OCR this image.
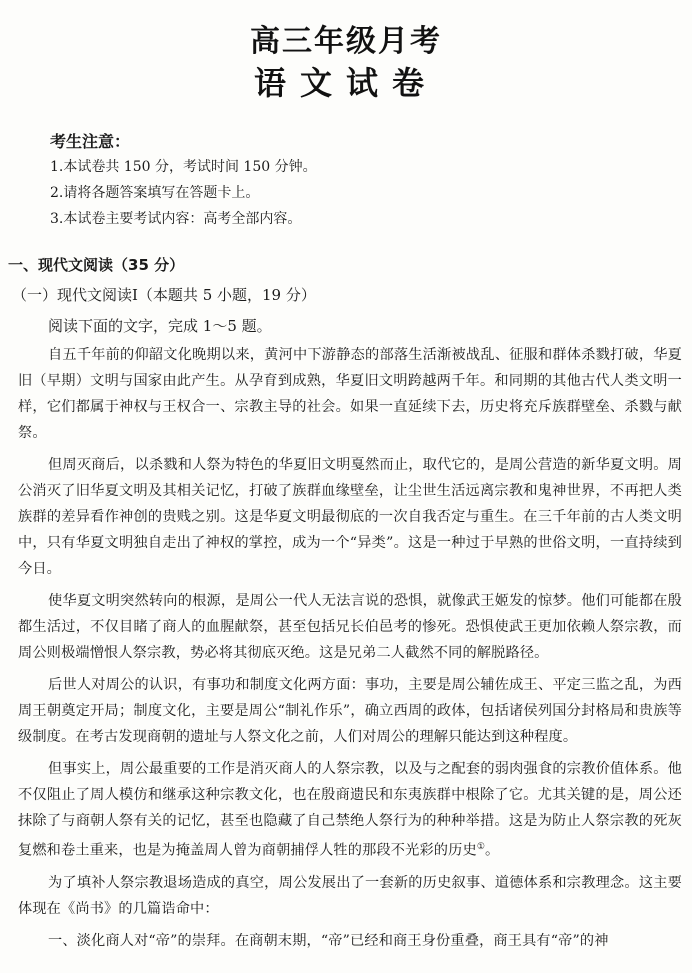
高三年级月考
语文试卷
考生注意：
1.本试卷共 150 分，考试时间 150 分钟。
2.请将各题答案填写在答题卡上。
3.本试卷主要考试内容：高考全部内容。
一、现代文阅读（35 分）
（一）现代文阅读Ⅰ（本题共 5 小题，19 分）

阅读下面的文字，完成 1～5 题。

自五千年前的仰韶文化晚期以来，黄河中下游静态的部落生活渐被战乱、征服和群体杀戮打破，华夏旧（早期）文明与国家由此产生。从孕育到成熟，华夏旧文明跨越两千年。和同期的其他古代人类文明一样，它们都属于神权与王权合一、宗教主导的社会。如果一直延续下去，历史将充斥族群壁垒、杀戮与献祭。

但周灭商后，以杀戮和人祭为特色的华夏旧文明戛然而止，取代它的，是周公营造的新华夏文明。周公消灭了旧华夏文明及其相关记忆，打破了族群血缘壁垒，让尘世生活远离宗教和鬼神世界，不再把人类族群的差异看作神创的贵贱之别。这是华夏文明最彻底的一次自我否定与重生。在三千年前的古人类文明中，只有华夏文明独自走出了神权的掌控，成为一个“异类”。这是一种过于早熟的世俗文明，一直持续到今日。

使华夏文明突然转向的根源，是周公一代人无法言说的恐惧，就像武王姬发的惊梦。他们可能都在殷都生活过，不仅目睹了商人的血腥献祭，甚至包括兄长伯邑考的惨死。恐惧使武王更加依赖人祭宗教，而周公则极端憎恨人祭宗教，势必将其彻底灭绝。这是兄弟二人截然不同的解脱路径。

后世人对周公的认识，有事功和制度文化两方面：事功，主要是周公辅佐成王、平定三监之乱，为西周王朝奠定开局；制度文化，主要是周公“制礼作乐”，确立西周的政体，包括诸侯列国分封格局和贵族等级制度。在考古发现商朝的遗址与人祭文化之前，人们对周公的理解只能达到这种程度。

但事实上，周公最重要的工作是消灭商人的人祭宗教，以及与之配套的弱肉强食的宗教价值体系。他不仅阻止了周人模仿和继承这种宗教文化，也在殷商遗民和东夷族群中根除了它。尤其关键的是，周公还抹除了与商朝人祭有关的记忆，甚至也隐藏了自己禁绝人祭行为的种种举措。这是为防止人祭宗教的死灰复燃和卷土重来，也是为掩盖周人曾为商朝捕俘人牲的那段不光彩的历史①。

为了填补人祭宗教退场造成的真空，周公发展出了一套新的历史叙事、道德体系和宗教理念。这主要体现在《尚书》的几篇诰命中：

一、淡化商人对“帝”的崇拜。在商朝末期，“帝”已经和商王身份重叠，商王具有“帝”的神
